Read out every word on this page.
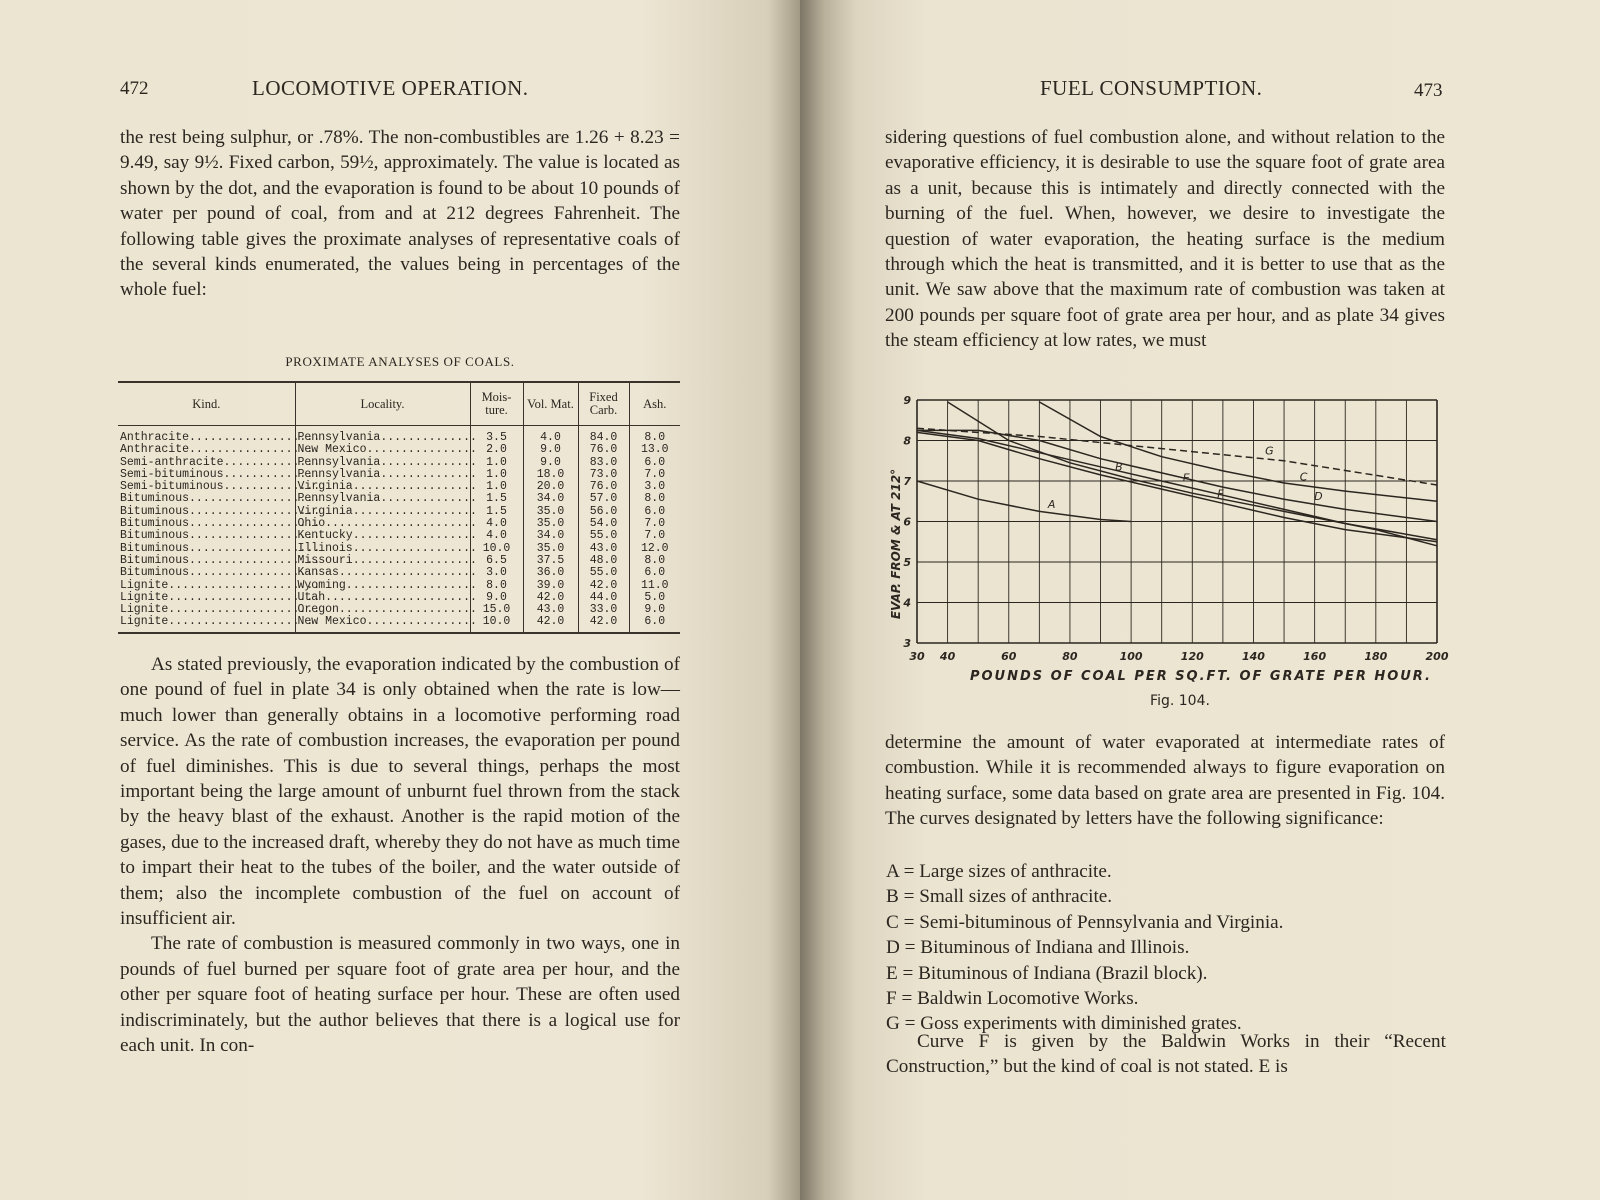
472	LOCOMOTIVE OPERATION.

the rest being sulphur, or .78%. The non-combustibles are 1.26 + 8.23 = 9.49, say 9½. Fixed carbon, 59½, approximately. The value is located as shown by the dot, and the evaporation is found to be about 10 pounds of water per pound of coal, from and at 212 degrees Fahrenheit. The following table gives the proximate analyses of representative coals of the several kinds enumerated, the values being in percentages of the whole fuel:

PROXIMATE ANALYSES OF COALS.
Kind.	Locality.	Mois-ture.	Vol. Mat.	Fixed Carb.	Ash.
Anthracite...................	Pennsylvania..............	3.5	4.0	84.0	8.0
Anthracite...................	New Mexico................	2.0	9.0	76.0	13.0
Semi-anthracite..............	Pennsylvania..............	1.0	9.0	83.0	6.0
Semi-bituminous..............	Pennsylvania..............	1.0	18.0	73.0	7.0
Semi-bituminous..............	Virginia..................	1.0	20.0	76.0	3.0
Bituminous...................	Pennsylvania..............	1.5	34.0	57.0	8.0
Bituminous...................	Virginia..................	1.5	35.0	56.0	6.0
Bituminous...................	Ohio......................	4.0	35.0	54.0	7.0
Bituminous...................	Kentucky..................	4.0	34.0	55.0	7.0
Bituminous...................	Illinois..................	10.0	35.0	43.0	12.0
Bituminous...................	Missouri..................	6.5	37.5	48.0	8.0
Bituminous...................	Kansas....................	3.0	36.0	55.0	6.0
Lignite......................	Wyoming...................	8.0	39.0	42.0	11.0
Lignite......................	Utah......................	9.0	42.0	44.0	5.0
Lignite......................	Oregon....................	15.0	43.0	33.0	9.0
Lignite......................	New Mexico................	10.0	42.0	42.0	6.0

As stated previously, the evaporation indicated by the combustion of one pound of fuel in plate 34 is only obtained when the rate is low—much lower than generally obtains in a locomotive performing road service. As the rate of combustion increases, the evaporation per pound of fuel diminishes. This is due to several things, perhaps the most important being the large amount of unburnt fuel thrown from the stack by the heavy blast of the exhaust. Another is the rapid motion of the gases, due to the increased draft, whereby they do not have as much time to impart their heat to the tubes of the boiler, and the water outside of them; also the incomplete combustion of the fuel on account of insufficient air.

The rate of combustion is measured commonly in two ways, one in pounds of fuel burned per square foot of grate area per hour, and the other per square foot of heating surface per hour. These are often used indiscriminately, but the author believes that there is a logical use for each unit. In con-

FUEL CONSUMPTION.	473

sidering questions of fuel combustion alone, and without relation to the evaporative efficiency, it is desirable to use the square foot of grate area as a unit, because this is intimately and directly connected with the burning of the fuel. When, however, we desire to investigate the question of water evaporation, the heating surface is the medium through which the heat is transmitted, and it is better to use that as the unit. We saw above that the maximum rate of combustion was taken at 200 pounds per square foot of grate area per hour, and as plate 34 gives the steam efficiency at low rates, we must

determine the amount of water evaporated at intermediate rates of combustion. While it is recommended always to figure evaporation on heating surface, some data based on grate area are presented in Fig. 104. The curves designated by letters have the following significance:

30 40	60	80	100	120	140	160	180	200
3
4
5
6
7
8
9
A
B
C
D
E
F
G
EVAP. FROM & AT 212°
POUNDS OF COAL PER SQ.FT. OF GRATE PER HOUR.
Fig. 104.
A = Large sizes of anthracite.
B = Small sizes of anthracite.
C = Semi-bituminous of Pennsylvania and Virginia.
D = Bituminous of Indiana and Illinois.
E = Bituminous of Indiana (Brazil block).
F = Baldwin Locomotive Works.
G = Goss experiments with diminished grates.

Curve F is given by the Baldwin Works in their “Recent Construction,” but the kind of coal is not stated. E is
